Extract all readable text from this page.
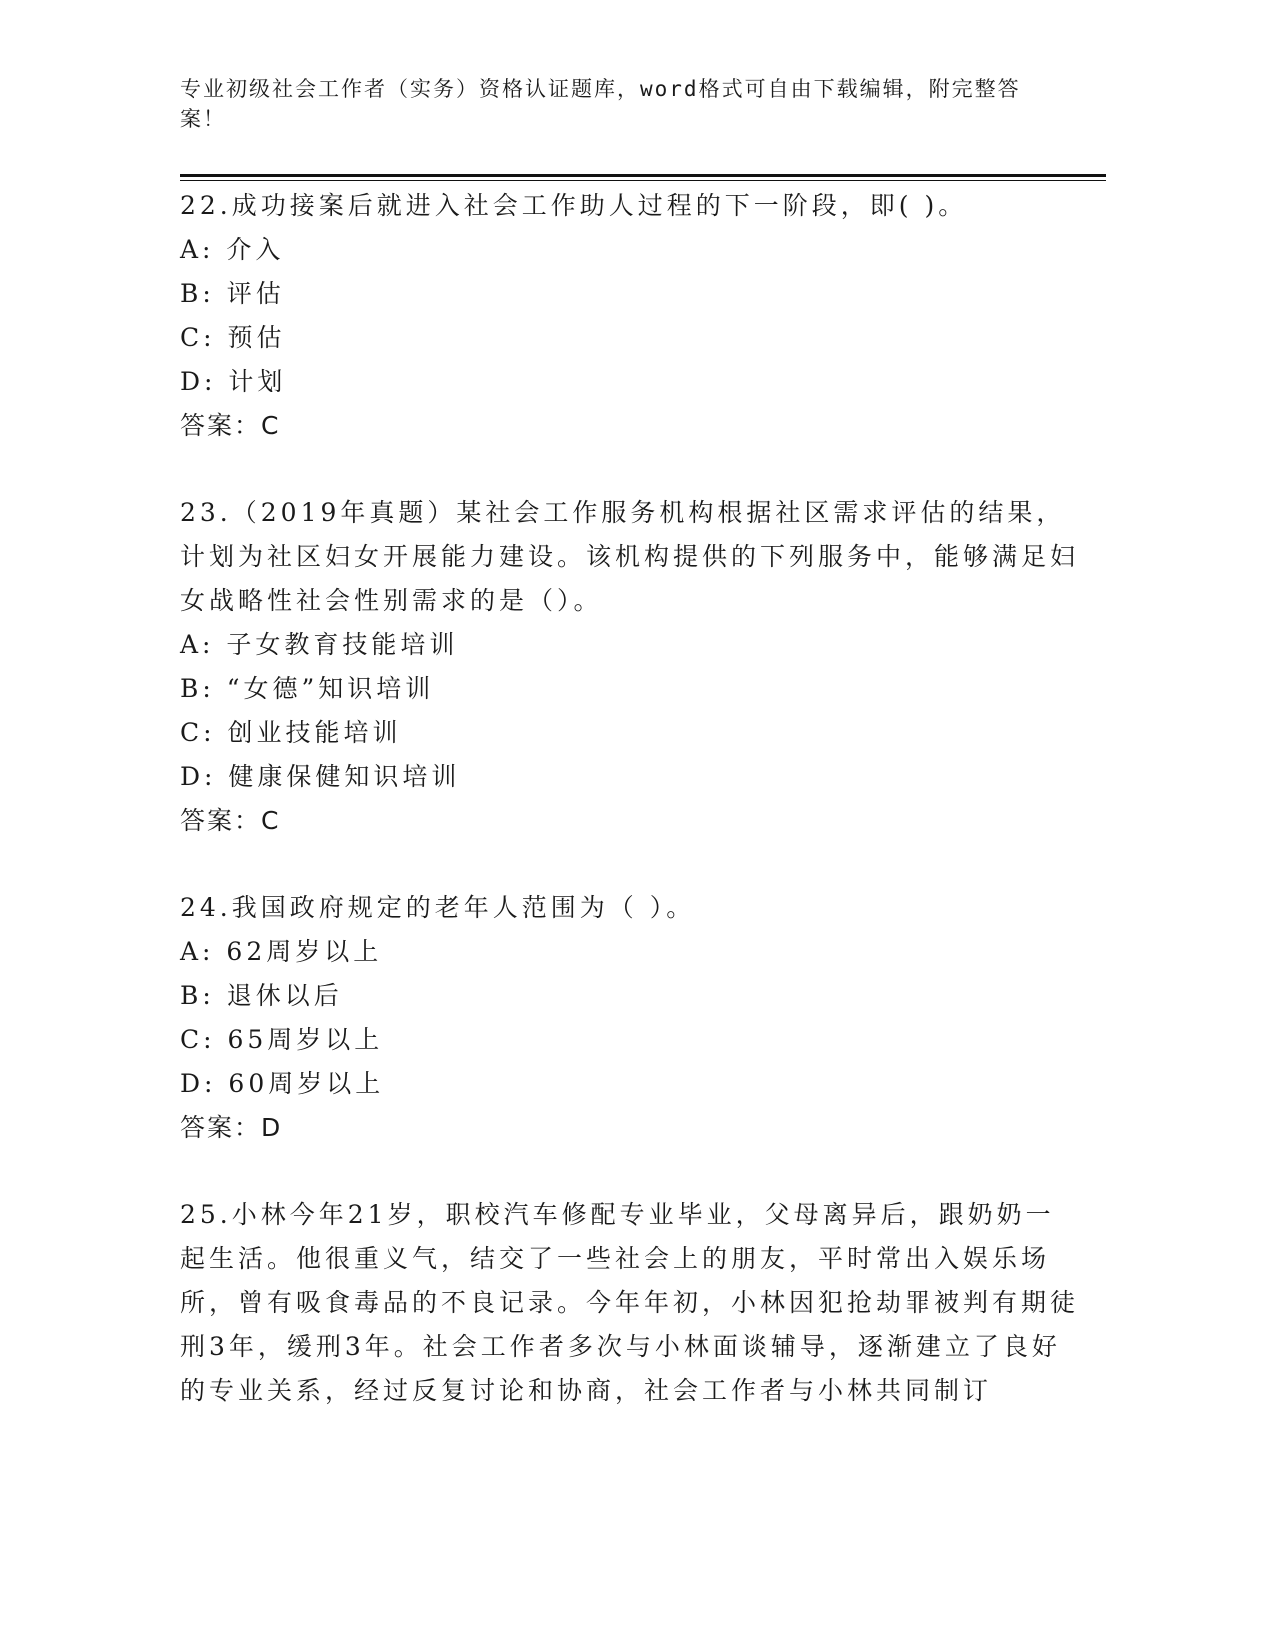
专业初级社会工作者（实务）资格认证题库，word格式可自由下载编辑，附完整答案！
22.成功接案后就进入社会工作助人过程的下一阶段，即( )。
A: 介入
B: 评估
C: 预估
D: 计划
答案：C
23.（2019年真题）某社会工作服务机构根据社区需求评估的结果，计划为社区妇女开展能力建设。该机构提供的下列服务中，能够满足妇女战略性社会性别需求的是（）。
A: 子女教育技能培训
B: “女德”知识培训
C: 创业技能培训
D: 健康保健知识培训
答案：C
24.我国政府规定的老年人范围为（ ）。
A: 62周岁以上
B: 退休以后
C: 65周岁以上
D: 60周岁以上
答案：D
25.小林今年21岁，职校汽车修配专业毕业，父母离异后，跟奶奶一起生活。他很重义气，结交了一些社会上的朋友，平时常出入娱乐场所，曾有吸食毒品的不良记录。今年年初，小林因犯抢劫罪被判有期徒刑3年，缓刑3年。社会工作者多次与小林面谈辅导，逐渐建立了良好的专业关系，经过反复讨论和协商，社会工作者与小林共同制订
